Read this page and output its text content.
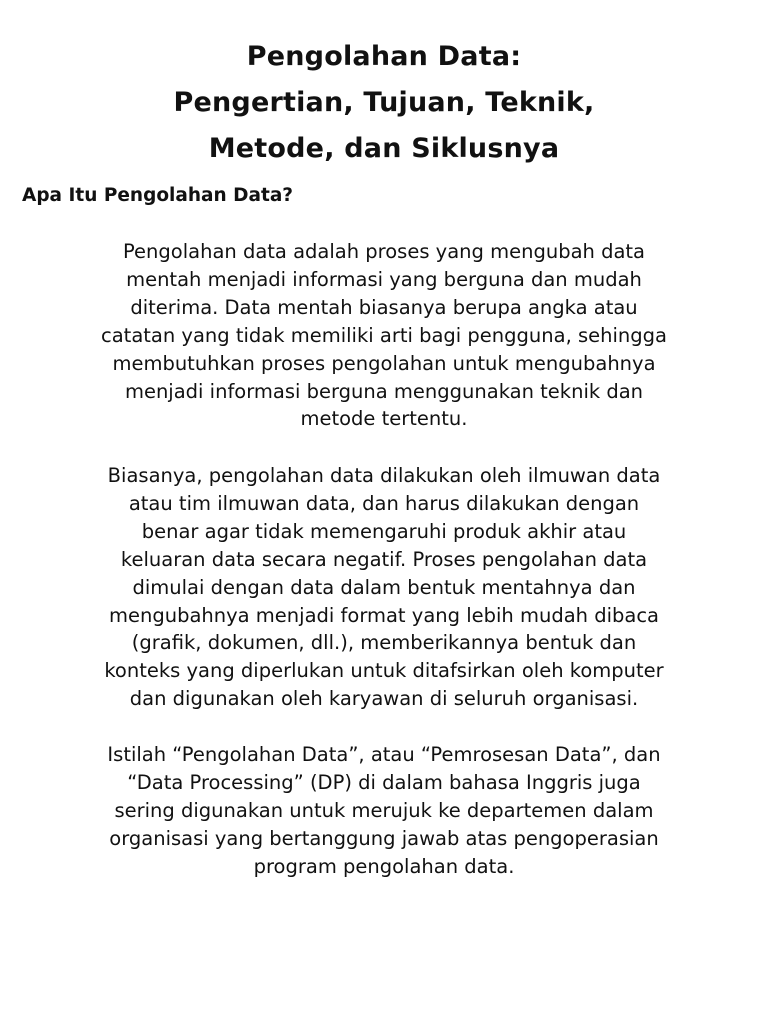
Pengolahan Data:
Pengertian, Tujuan, Teknik,
Metode, dan Siklusnya
Apa Itu Pengolahan Data?

Pengolahan data adalah proses yang mengubah data
mentah menjadi informasi yang berguna dan mudah
diterima. Data mentah biasanya berupa angka atau
catatan yang tidak memiliki arti bagi pengguna, sehingga
membutuhkan proses pengolahan untuk mengubahnya
menjadi informasi berguna menggunakan teknik dan
metode tertentu.

Biasanya, pengolahan data dilakukan oleh ilmuwan data
atau tim ilmuwan data, dan harus dilakukan dengan
benar agar tidak memengaruhi produk akhir atau
keluaran data secara negatif. Proses pengolahan data
dimulai dengan data dalam bentuk mentahnya dan
mengubahnya menjadi format yang lebih mudah dibaca
(grafik, dokumen, dll.), memberikannya bentuk dan
konteks yang diperlukan untuk ditafsirkan oleh komputer
dan digunakan oleh karyawan di seluruh organisasi.

Istilah “Pengolahan Data”, atau “Pemrosesan Data”, dan
“Data Processing” (DP) di dalam bahasa Inggris juga
sering digunakan untuk merujuk ke departemen dalam
organisasi yang bertanggung jawab atas pengoperasian
program pengolahan data.
